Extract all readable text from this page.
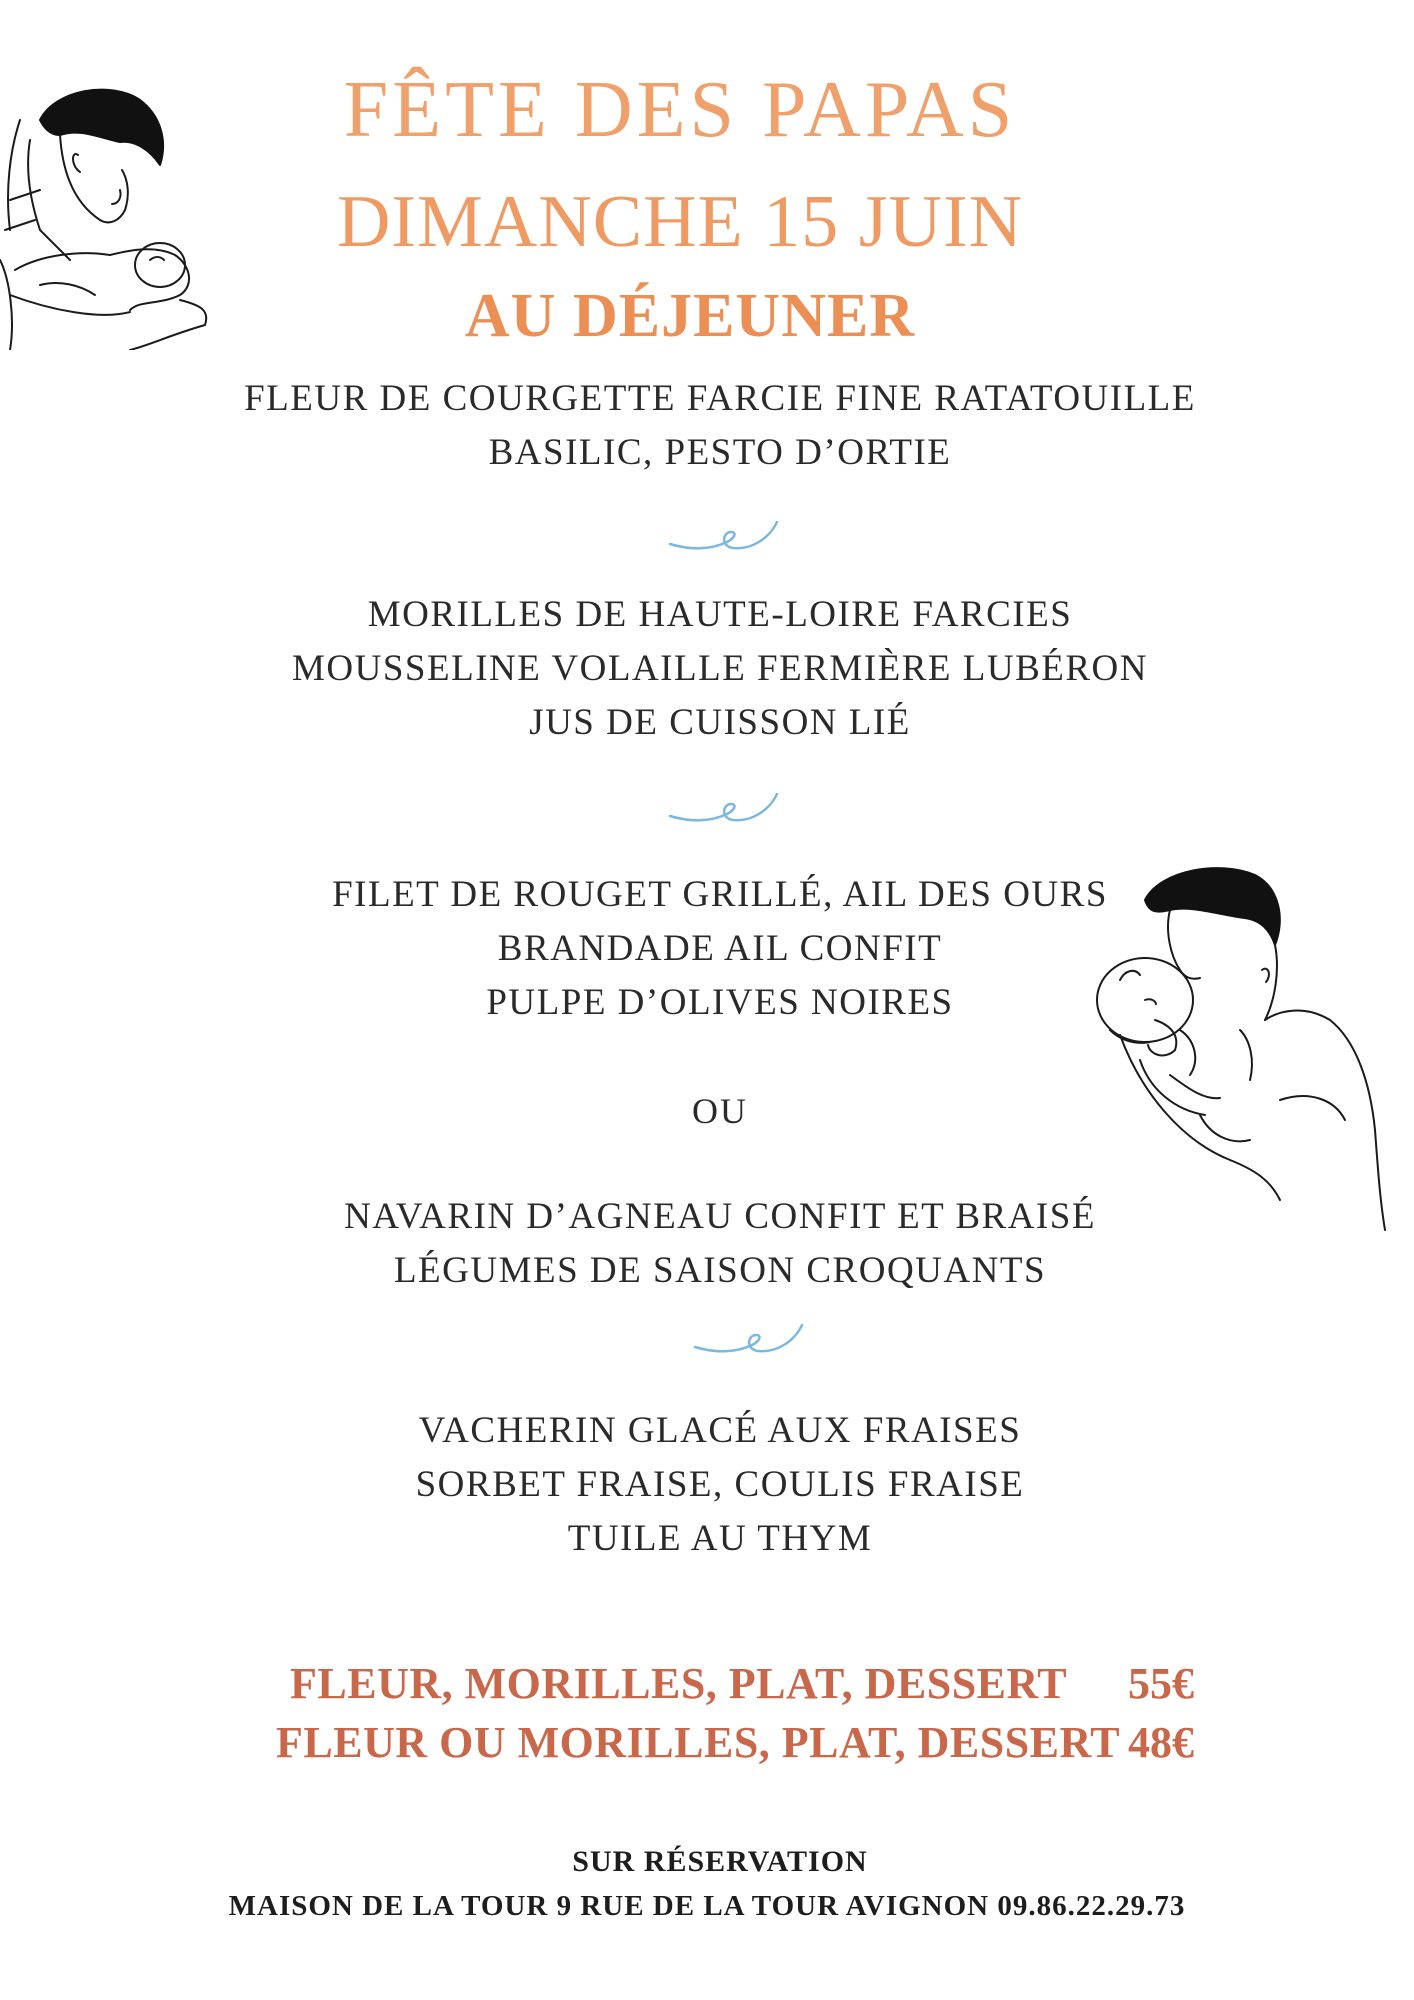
FÊTE DES PAPAS
DIMANCHE 15 JUIN
AU DÉJEUNER
FLEUR DE COURGETTE FARCIE FINE RATATOUILLE
BASILIC, PESTO D’ORTIE
MORILLES DE HAUTE-LOIRE FARCIES
MOUSSELINE VOLAILLE FERMIÈRE LUBÉRON
JUS DE CUISSON LIÉ
FILET DE ROUGET GRILLÉ, AIL DES OURS
BRANDADE AIL CONFIT
PULPE D’OLIVES NOIRES
OU
NAVARIN D’AGNEAU CONFIT ET BRAISÉ
LÉGUMES DE SAISON CROQUANTS
VACHERIN GLACÉ AUX FRAISES
SORBET FRAISE, COULIS FRAISE
TUILE AU THYM
FLEUR, MORILLES, PLAT, DESSERT 55€
FLEUR OU MORILLES, PLAT, DESSERT 48€
SUR RÉSERVATION
MAISON DE LA TOUR 9 RUE DE LA TOUR AVIGNON 09.86.22.29.73
